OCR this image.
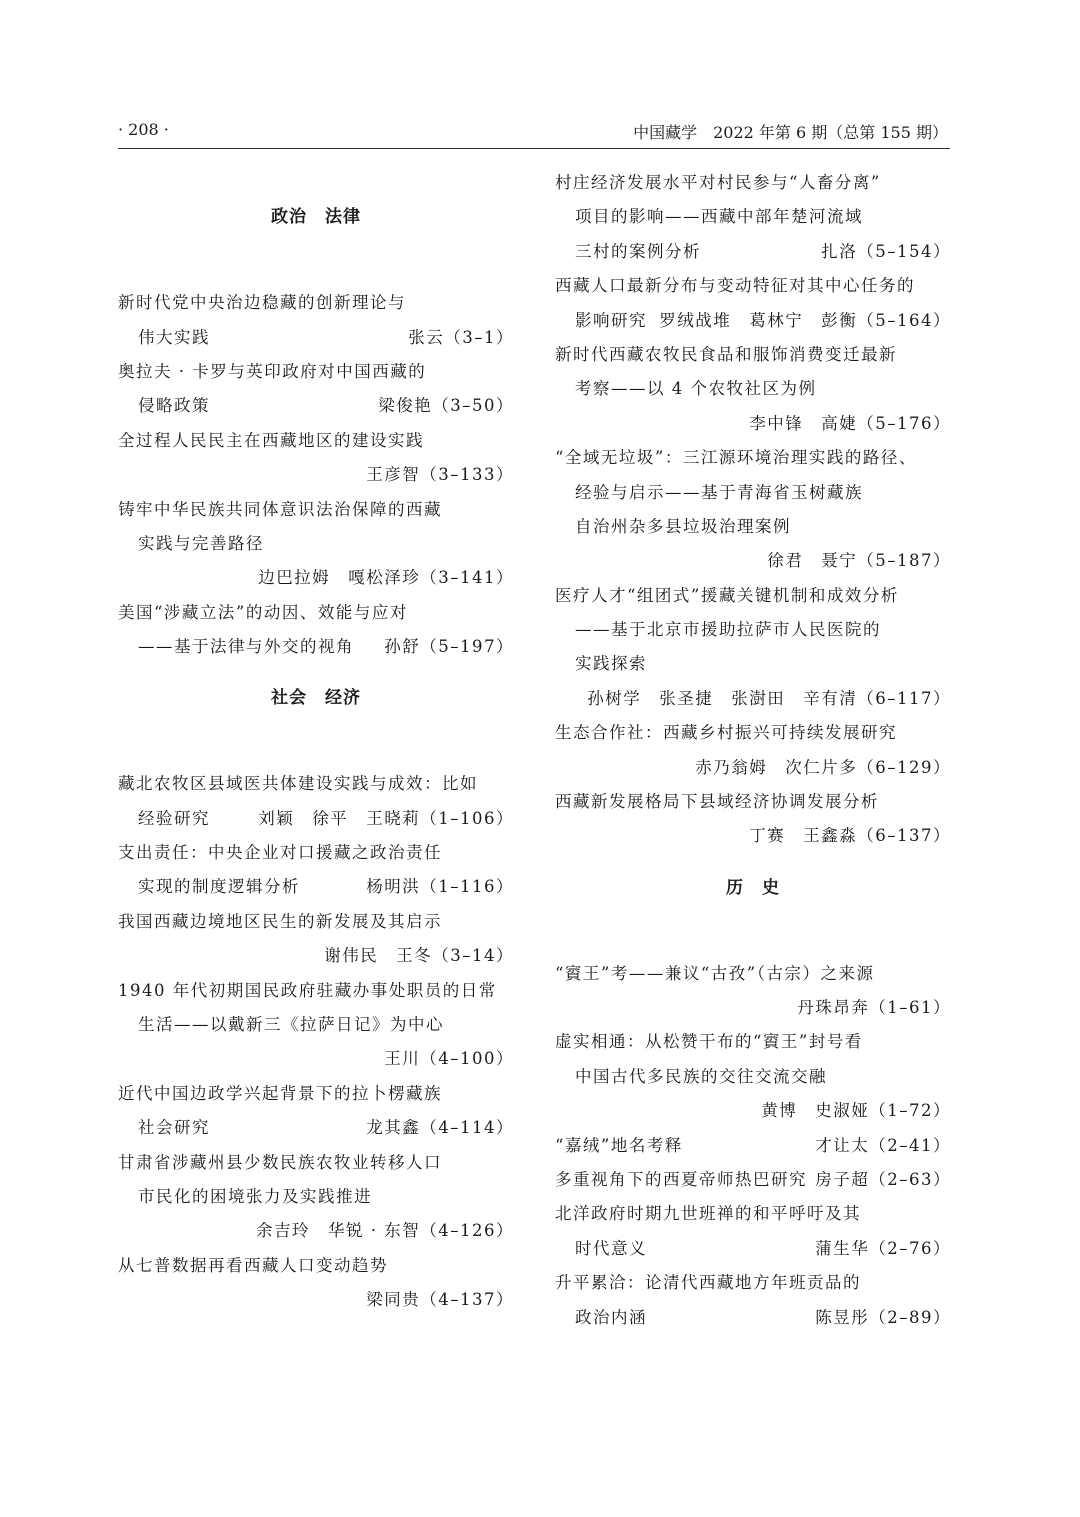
· 208 ·	中国藏学　2022 年第 6 期（总第 155 期）
政治　法律
新时代党中央治边稳藏的创新理论与
伟大实践	张云（3–1）
奥拉夫 · 卡罗与英印政府对中国西藏的
侵略政策	梁俊艳（3–50）
全过程人民民主在西藏地区的建设实践
王彦智（3–133）
铸牢中华民族共同体意识法治保障的西藏
实践与完善路径
边巴拉姆　嘎松泽珍（3–141）
美国“涉藏立法”的动因、效能与应对
——基于法律与外交的视角 孙舒（5–197）
社会　经济
藏北农牧区县域医共体建设实践与成效：比如
经验研究	刘颖　徐平　王晓莉（1–106）
支出责任：中央企业对口援藏之政治责任
实现的制度逻辑分析	杨明洪（1–116）
我国西藏边境地区民生的新发展及其启示
谢伟民　王冬（3–14）
1940 年代初期国民政府驻藏办事处职员的日常
生活——以戴新三《拉萨日记》为中心
王川（4–100）
近代中国边政学兴起背景下的拉卜楞藏族
社会研究	龙其鑫（4–114）
甘肃省涉藏州县少数民族农牧业转移人口
市民化的困境张力及实践推进
余吉玲　华锐 · 东智（4–126）
从七普数据再看西藏人口变动趋势
梁同贵（4–137）
村庄经济发展水平对村民参与“人畜分离”
项目的影响——西藏中部年楚河流域
三村的案例分析	扎洛（5–154）
西藏人口最新分布与变动特征对其中心任务的
影响研究 罗绒战堆　葛林宁　彭衡（5–164）
新时代西藏农牧民食品和服饰消费变迁最新
考察——以 4 个农牧社区为例
李中锋　高婕（5–176）
“全域无垃圾”：三江源环境治理实践的路径、
经验与启示——基于青海省玉树藏族
自治州杂多县垃圾治理案例
徐君　聂宁（5–187）
医疗人才“组团式”援藏关键机制和成效分析
——基于北京市援助拉萨市人民医院的
实践探索
孙树学　张圣捷　张澍田　辛有清（6–117）
生态合作社：西藏乡村振兴可持续发展研究
赤乃翁姆　次仁片多（6–129）
西藏新发展格局下县域经济协调发展分析
丁赛　王鑫淼（6–137）
历　史
“賨王”考——兼议“古孜”（古宗）之来源
丹珠昂奔（1–61）
虚实相通：从松赞干布的“賨王”封号看
中国古代多民族的交往交流交融
黄博　史淑娅（1–72）
“嘉绒”地名考释	才让太（2–41）
多重视角下的西夏帝师热巴研究 房子超（2–63）
北洋政府时期九世班禅的和平呼吁及其
时代意义	蒲生华（2–76）
升平累洽：论清代西藏地方年班贡品的
政治内涵	陈昱彤（2–89）
